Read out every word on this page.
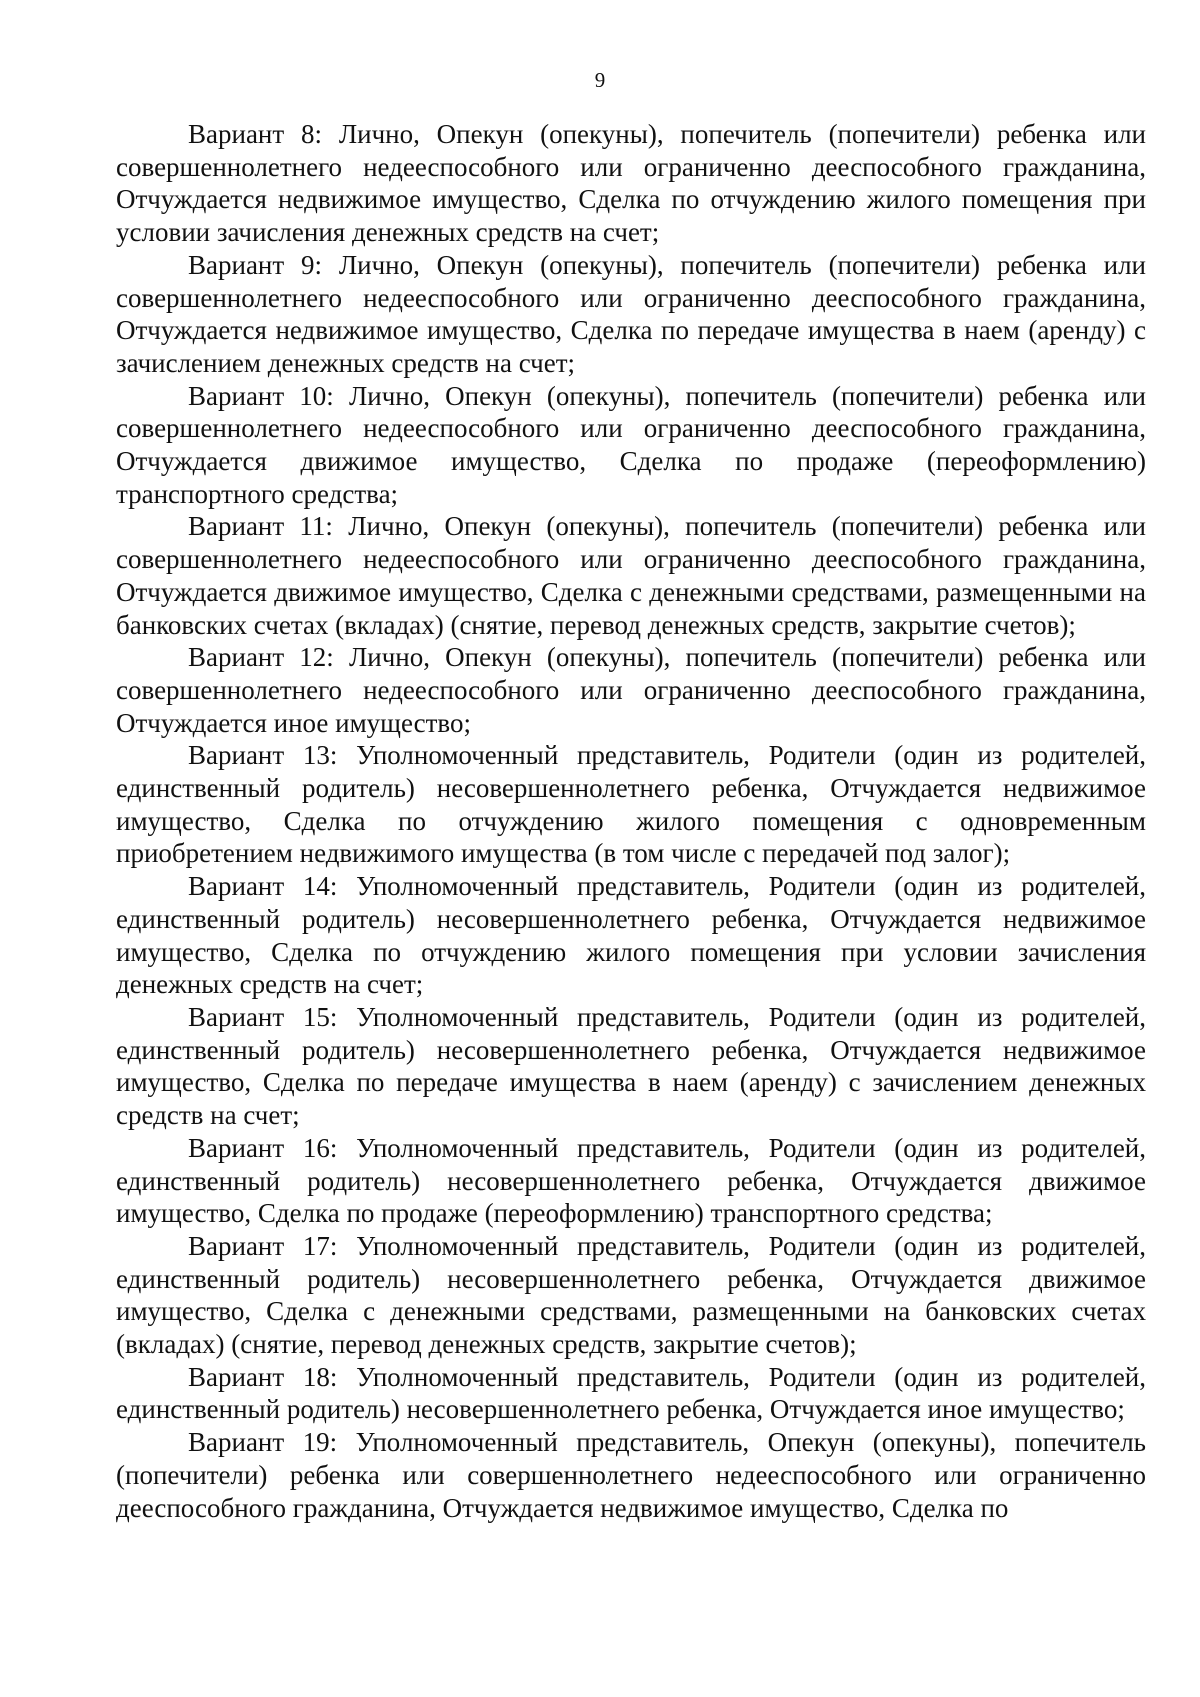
9

Вариант 8: Лично, Опекун (опекуны), попечитель (попечители) ребенка или совершеннолетнего недееспособного или ограниченно дееспособного гражданина, Отчуждается недвижимое имущество, Сделка по отчуждению жилого помещения при условии зачисления денежных средств на счет;

Вариант 9: Лично, Опекун (опекуны), попечитель (попечители) ребенка или совершеннолетнего недееспособного или ограниченно дееспособного гражданина, Отчуждается недвижимое имущество, Сделка по передаче имущества в наем (аренду) с зачислением денежных средств на счет;

Вариант 10: Лично, Опекун (опекуны), попечитель (попечители) ребенка или совершеннолетнего недееспособного или ограниченно дееспособного гражданина, Отчуждается движимое имущество, Сделка по продаже (переоформлению) транспортного средства;

Вариант 11: Лично, Опекун (опекуны), попечитель (попечители) ребенка или совершеннолетнего недееспособного или ограниченно дееспособного гражданина, Отчуждается движимое имущество, Сделка с денежными средствами, размещенными на банковских счетах (вкладах) (снятие, перевод денежных средств, закрытие счетов);

Вариант 12: Лично, Опекун (опекуны), попечитель (попечители) ребенка или совершеннолетнего недееспособного или ограниченно дееспособного гражданина, Отчуждается иное имущество;

Вариант 13: Уполномоченный представитель, Родители (один из родителей, единственный родитель) несовершеннолетнего ребенка, Отчуждается недвижимое имущество, Сделка по отчуждению жилого помещения с одновременным приобретением недвижимого имущества (в том числе с передачей под залог);

Вариант 14: Уполномоченный представитель, Родители (один из родителей, единственный родитель) несовершеннолетнего ребенка, Отчуждается недвижимое имущество, Сделка по отчуждению жилого помещения при условии зачисления денежных средств на счет;

Вариант 15: Уполномоченный представитель, Родители (один из родителей, единственный родитель) несовершеннолетнего ребенка, Отчуждается недвижимое имущество, Сделка по передаче имущества в наем (аренду) с зачислением денежных средств на счет;

Вариант 16: Уполномоченный представитель, Родители (один из родителей, единственный родитель) несовершеннолетнего ребенка, Отчуждается движимое имущество, Сделка по продаже (переоформлению) транспортного средства;

Вариант 17: Уполномоченный представитель, Родители (один из родителей, единственный родитель) несовершеннолетнего ребенка, Отчуждается движимое имущество, Сделка с денежными средствами, размещенными на банковских счетах (вкладах) (снятие, перевод денежных средств, закрытие счетов);

Вариант 18: Уполномоченный представитель, Родители (один из родителей, единственный родитель) несовершеннолетнего ребенка, Отчуждается иное имущество;

Вариант 19: Уполномоченный представитель, Опекун (опекуны), попечитель (попечители) ребенка или совершеннолетнего недееспособного или ограниченно дееспособного гражданина, Отчуждается недвижимое имущество, Сделка по
